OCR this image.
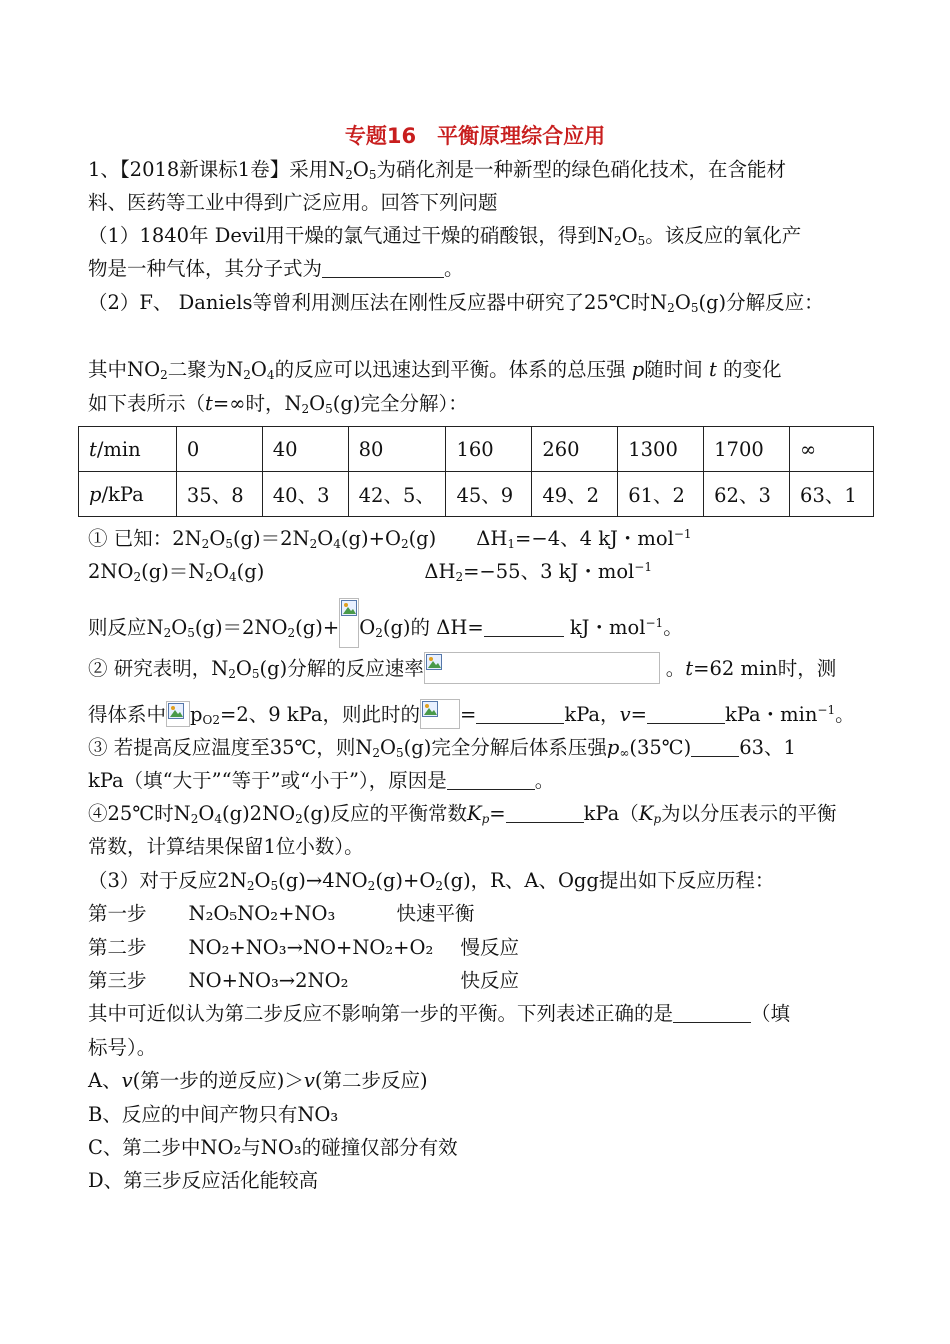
专题16　平衡原理综合应用
1、【2018新课标1卷】采用$N_2O_5$为硝化剂是一种新型的绿色硝化技术，在含能材
料、医药等工业中得到广泛应用。回答下列问题
（1）1840年 Devil用干燥的氯气通过干燥的硝酸银，得到$N_2O_5$。该反应的氧化产
物是一种气体，其分子式为	。
（2）F、 Daniels等曾利用测压法在刚性反应器中研究了25℃时$N_2O_5(g)$分解反应：
其中$NO_2$二聚为$N_2O_4$的反应可以迅速达到平衡。体系的总压强 p随时间 t 的变化
如下表所示（t=∞时，$N_2O_5(g)$完全分解）：
t/min	0	40	80	160	260	1300	1700	∞
p/kPa	35、8	40、3	42、5、	45、9	49、2	61、2	62、3	63、1
① 已知：$2N_2O_5(g)=2N_2O_4(g)+O_2(g)$ $\Delta H_1=-4$、4 kJ・mol$^{-1}$
$2NO_2(g)=N_2O_4(g)$	$\Delta H_2=-55$、3 kJ・mol$^{-1}$
则反应$N_2O_5(g)=2NO_2(g)+ O_2(g)$的 ΔH=	kJ・mol$^{-1}$。
② 研究表明，$N_2O_5(g)$分解的反应速率	。t=62 min时，测
得体系中 $p_{O2}=2$、9 kPa，则此时的 =	kPa，v=	kPa・$\min^{-1}$。
③ 若提高反应温度至35℃，则$N_2O_5(g)$完全分解后体系压强$p_\infty(35℃)$ 63、1
kPa（填“大于”“等于”或“小于”），原因是	。
④25℃时$N_2O_4(g)2NO_2(g)$反应的平衡常数$K_p=$	$kPa(K_p$为以分压表示的平衡
常数，计算结果保留1位小数）。
（3）对于反应$2N_2O_5(g)\to 4NO_2(g)+O_2(g)$，R、A、Ogg提出如下反应历程：
第一步 N₂O₅NO₂+NO₃	快速平衡
第二步 NO₂+NO₃→NO+NO₂+O₂ 慢反应
第三步 NO+NO₃→2NO₂	快反应
其中可近似认为第二步反应不影响第一步的平衡。下列表述正确的是	（填
标号）。
A、v(第一步的逆反应)＞v(第二步反应)
B、反应的中间产物只有NO₃
C、第二步中NO₂与NO₃的碰撞仅部分有效
D、第三步反应活化能较高
